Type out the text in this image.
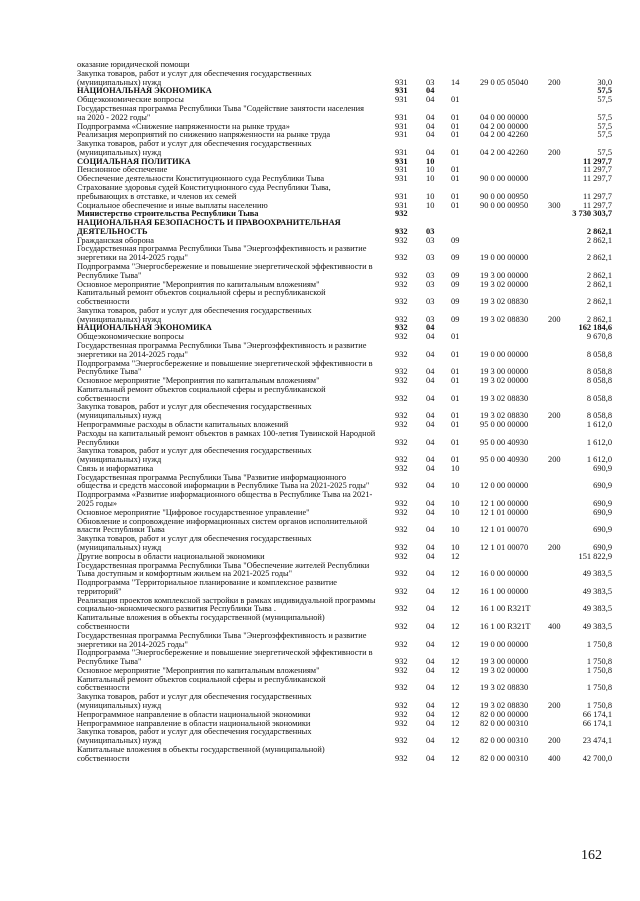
оказание юридической помощи
Закупка товаров, работ и услуг для обеспечения государственных
(муниципальных) нужд	931 03 14 29 0 05 05040 200	30,0
НАЦИОНАЛЬНАЯ ЭКОНОМИКА	931 04	57,5
Общеэкономические вопросы	931 04 01	57,5
Государственная программа Республики Тыва "Содействие занятости населения
на 2020 - 2022 годы"	931 04 01 04 0 00 00000	57,5
Подпрограмма «Снижение напряженности на рынке труда»	931 04 01 04 2 00 00000	57,5
Реализация мероприятий по снижению напряженности на рынке труда	931 04 01 04 2 00 42260	57,5
Закупка товаров, работ и услуг для обеспечения государственных
(муниципальных) нужд	931 04 01 04 2 00 42260 200	57,5
СОЦИАЛЬНАЯ ПОЛИТИКА	931 10	11 297,7
Пенсионное обеспечение	931 10 01	11 297,7
Обеспечение деятельности Конституционного суда Республики Тыва	931 10 01 90 0 00 00000	11 297,7
Страхование здоровья судей Конституционного суда Республики Тыва,
пребывающих в отставке, и членов их семей	931 10 01 90 0 00 00950	11 297,7
Социальное обеспечение и иные выплаты населению	931 10 01 90 0 00 00950 300	11 297,7
Министерство строительства Республики Тыва	932	3 730 303,7
НАЦИОНАЛЬНАЯ БЕЗОПАСНОСТЬ И ПРАВООХРАНИТЕЛЬНАЯ
ДЕЯТЕЛЬНОСТЬ	932 03	2 862,1
Гражданская оборона	932 03 09	2 862,1
Государственная программа Республики Тыва "Энергоэффективность и развитие
энергетики на 2014-2025 годы"	932 03 09 19 0 00 00000	2 862,1
Подпрограмма "Энергосбережение и повышение энергетической эффективности в
Республике Тыва"	932 03 09 19 3 00 00000	2 862,1
Основное мероприятие "Мероприятия по капитальным вложениям"	932 03 09 19 3 02 00000	2 862,1
Капитальный ремонт объектов социальной сферы и республиканской
собственности	932 03 09 19 3 02 08830	2 862,1
Закупка товаров, работ и услуг для обеспечения государственных
(муниципальных) нужд	932 03 09 19 3 02 08830 200	2 862,1
НАЦИОНАЛЬНАЯ ЭКОНОМИКА	932 04	162 184,6
Общеэкономические вопросы	932 04 01	9 670,8
Государственная программа Республики Тыва "Энергоэффективность и развитие
энергетики на 2014-2025 годы"	932 04 01 19 0 00 00000	8 058,8
Подпрограмма "Энергосбережение и повышение энергетической эффективности в
Республике Тыва"	932 04 01 19 3 00 00000	8 058,8
Основное мероприятие "Мероприятия по капитальным вложениям"	932 04 01 19 3 02 00000	8 058,8
Капитальный ремонт объектов социальной сферы и республиканской
собственности	932 04 01 19 3 02 08830	8 058,8
Закупка товаров, работ и услуг для обеспечения государственных
(муниципальных) нужд	932 04 01 19 3 02 08830 200	8 058,8
Непрограммные расходы в области капитальных вложений	932 04 01 95 0 00 00000	1 612,0
Расходы на капитальный ремонт объектов в рамках 100-летия Тувинской Народной
Республики	932 04 01 95 0 00 40930	1 612,0
Закупка товаров, работ и услуг для обеспечения государственных
(муниципальных) нужд	932 04 01 95 0 00 40930 200	1 612,0
Связь и информатика	932 04 10	690,9
Государственная программа Республики Тыва "Развитие информационного
общества и средств массовой информации в Республике Тыва на 2021-2025 годы"	932 04 10 12 0 00 00000	690,9
Подпрограмма «Развитие информационного общества в Республике Тыва на 2021-
2025 годы»	932 04 10 12 1 00 00000	690,9
Основное мероприятие "Цифровое государственное управление"	932 04 10 12 1 01 00000	690,9
Обновление и сопровождение информационных систем органов исполнительной
власти Республики Тыва	932 04 10 12 1 01 00070	690,9
Закупка товаров, работ и услуг для обеспечения государственных
(муниципальных) нужд	932 04 10 12 1 01 00070 200	690,9
Другие вопросы в области национальной экономики	932 04 12	151 822,9
Государственная программа Республики Тыва "Обеспечение жителей Республики
Тыва доступным и комфортным жильем на 2021-2025 годы"	932 04 12 16 0 00 00000	49 383,5
Подпрограмма "Территориальное планирование и комплексное развитие
территорий"	932 04 12 16 1 00 00000	49 383,5
Реализация проектов комплексной застройки в рамках индивидуальной программы
социально-экономического развития Республики Тыва .	932 04 12 16 1 00 R321Т	49 383,5
Капитальные вложения в объекты государственной (муниципальной)
собственности	932 04 12 16 1 00 R321Т 400	49 383,5
Государственная программа Республики Тыва "Энергоэффективность и развитие
энергетики на 2014-2025 годы"	932 04 12 19 0 00 00000	1 750,8
Подпрограмма "Энергосбережение и повышение энергетической эффективности в
Республике Тыва"	932 04 12 19 3 00 00000	1 750,8
Основное мероприятие "Мероприятия по капитальным вложениям"	932 04 12 19 3 02 00000	1 750,8
Капитальный ремонт объектов социальной сферы и республиканской
собственности	932 04 12 19 3 02 08830	1 750,8
Закупка товаров, работ и услуг для обеспечения государственных
(муниципальных) нужд	932 04 12 19 3 02 08830 200	1 750,8
Непрограммное направление в области национальной экономики	932 04 12 82 0 00 00000	66 174,1
Непрограммное направление в области национальной экономики	932 04 12 82 0 00 00310	66 174,1
Закупка товаров, работ и услуг для обеспечения государственных
(муниципальных) нужд	932 04 12 82 0 00 00310 200	23 474,1
Капитальные вложения в объекты государственной (муниципальной)
собственности	932 04 12 82 0 00 00310 400	42 700,0
162
